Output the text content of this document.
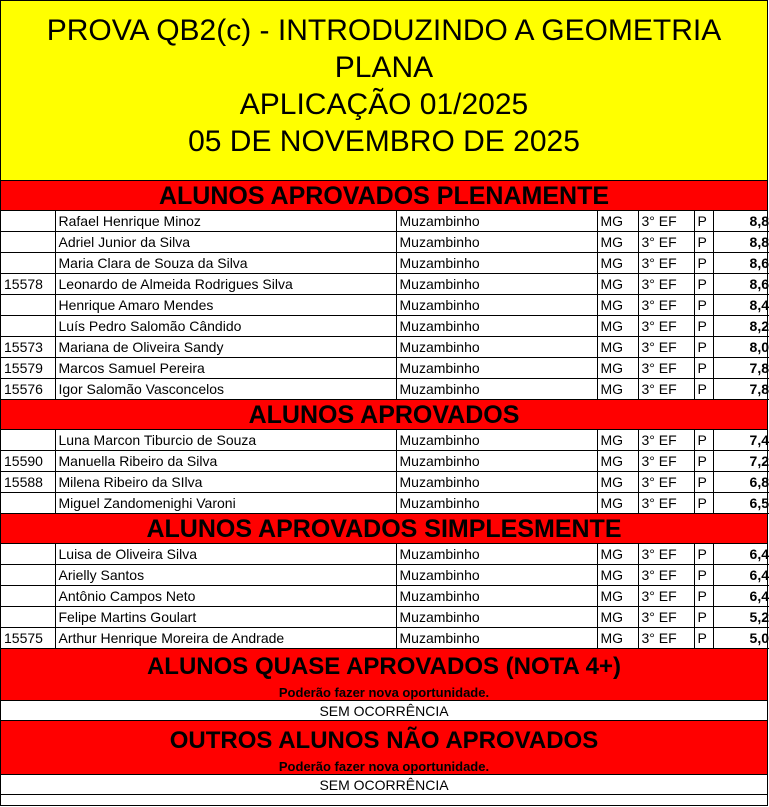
PROVA QB2(c) - INTRODUZINDO A GEOMETRIA
PLANA
APLICAÇÃO 01/2025
05 DE NOVEMBRO DE 2025
ALUNOS APROVADOS PLENAMENTE
	Rafael Henrique Minoz	Muzambinho	MG	3° EF	P	8,8
	Adriel Junior da Silva	Muzambinho	MG	3° EF	P	8,8
	Maria Clara de Souza da Silva	Muzambinho	MG	3° EF	P	8,6
15578	Leonardo de Almeida Rodrigues Silva	Muzambinho	MG	3° EF	P	8,6
	Henrique Amaro Mendes	Muzambinho	MG	3° EF	P	8,4
	Luís Pedro Salomão Cândido	Muzambinho	MG	3° EF	P	8,2
15573	Mariana de Oliveira Sandy	Muzambinho	MG	3° EF	P	8,0
15579	Marcos Samuel Pereira	Muzambinho	MG	3° EF	P	7,8
15576	Igor Salomão Vasconcelos	Muzambinho	MG	3° EF	P	7,8
ALUNOS APROVADOS
	Luna Marcon Tiburcio de Souza	Muzambinho	MG	3° EF	P	7,4
15590	Manuella Ribeiro da Silva	Muzambinho	MG	3° EF	P	7,2
15588	Milena Ribeiro da SIlva	Muzambinho	MG	3° EF	P	6,8
	Miguel Zandomenighi Varoni	Muzambinho	MG	3° EF	P	6,5
ALUNOS APROVADOS SIMPLESMENTE
	Luisa de Oliveira Silva	Muzambinho	MG	3° EF	P	6,4
	Arielly Santos	Muzambinho	MG	3° EF	P	6,4
	Antônio Campos Neto	Muzambinho	MG	3° EF	P	6,4
	Felipe Martins Goulart	Muzambinho	MG	3° EF	P	5,2
15575	Arthur Henrique Moreira de Andrade	Muzambinho	MG	3° EF	P	5,0
ALUNOS QUASE APROVADOS (NOTA 4+)
Poderão fazer nova oportunidade.
SEM OCORRÊNCIA
OUTROS ALUNOS NÃO APROVADOS
Poderão fazer nova oportunidade.
SEM OCORRÊNCIA
